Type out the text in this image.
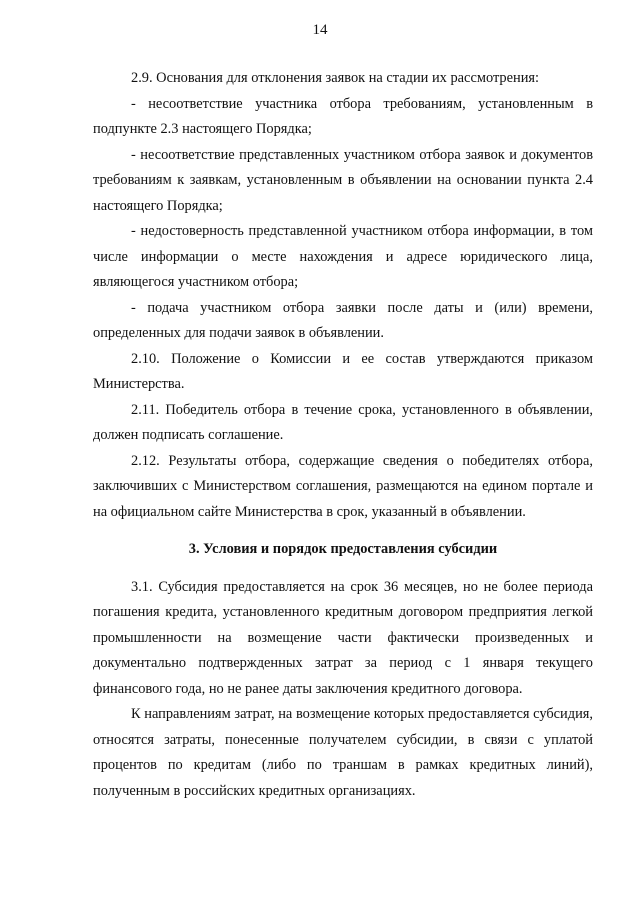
14

2.9. Основания для отклонения заявок на стадии их рассмотрения:

- несоответствие участника отбора требованиям, установленным в подпункте 2.3 настоящего Порядка;

- несоответствие представленных участником отбора заявок и документов требованиям к заявкам, установленным в объявлении на основании пункта 2.4 настоящего Порядка;

- недостоверность представленной участником отбора информации, в том числе информации о месте нахождения и адресе юридического лица, являющегося участником отбора;

- подача участником отбора заявки после даты и (или) времени, определенных для подачи заявок в объявлении.

2.10. Положение о Комиссии и ее состав утверждаются приказом Министерства.

2.11. Победитель отбора в течение срока, установленного в объявлении, должен подписать соглашение.

2.12. Результаты отбора, содержащие сведения о победителях отбора, заключивших с Министерством соглашения, размещаются на едином портале и на официальном сайте Министерства в срок, указанный в объявлении.

3. Условия и порядок предоставления субсидии

3.1. Субсидия предоставляется на срок 36 месяцев, но не более периода погашения кредита, установленного кредитным договором предприятия легкой промышленности на возмещение части фактически произведенных и документально подтвержденных затрат за период с 1 января текущего финансового года, но не ранее даты заключения кредитного договора.

К направлениям затрат, на возмещение которых предоставляется субсидия, относятся затраты, понесенные получателем субсидии, в связи с уплатой процентов по кредитам (либо по траншам в рамках кредитных линий), полученным в российских кредитных организациях.
